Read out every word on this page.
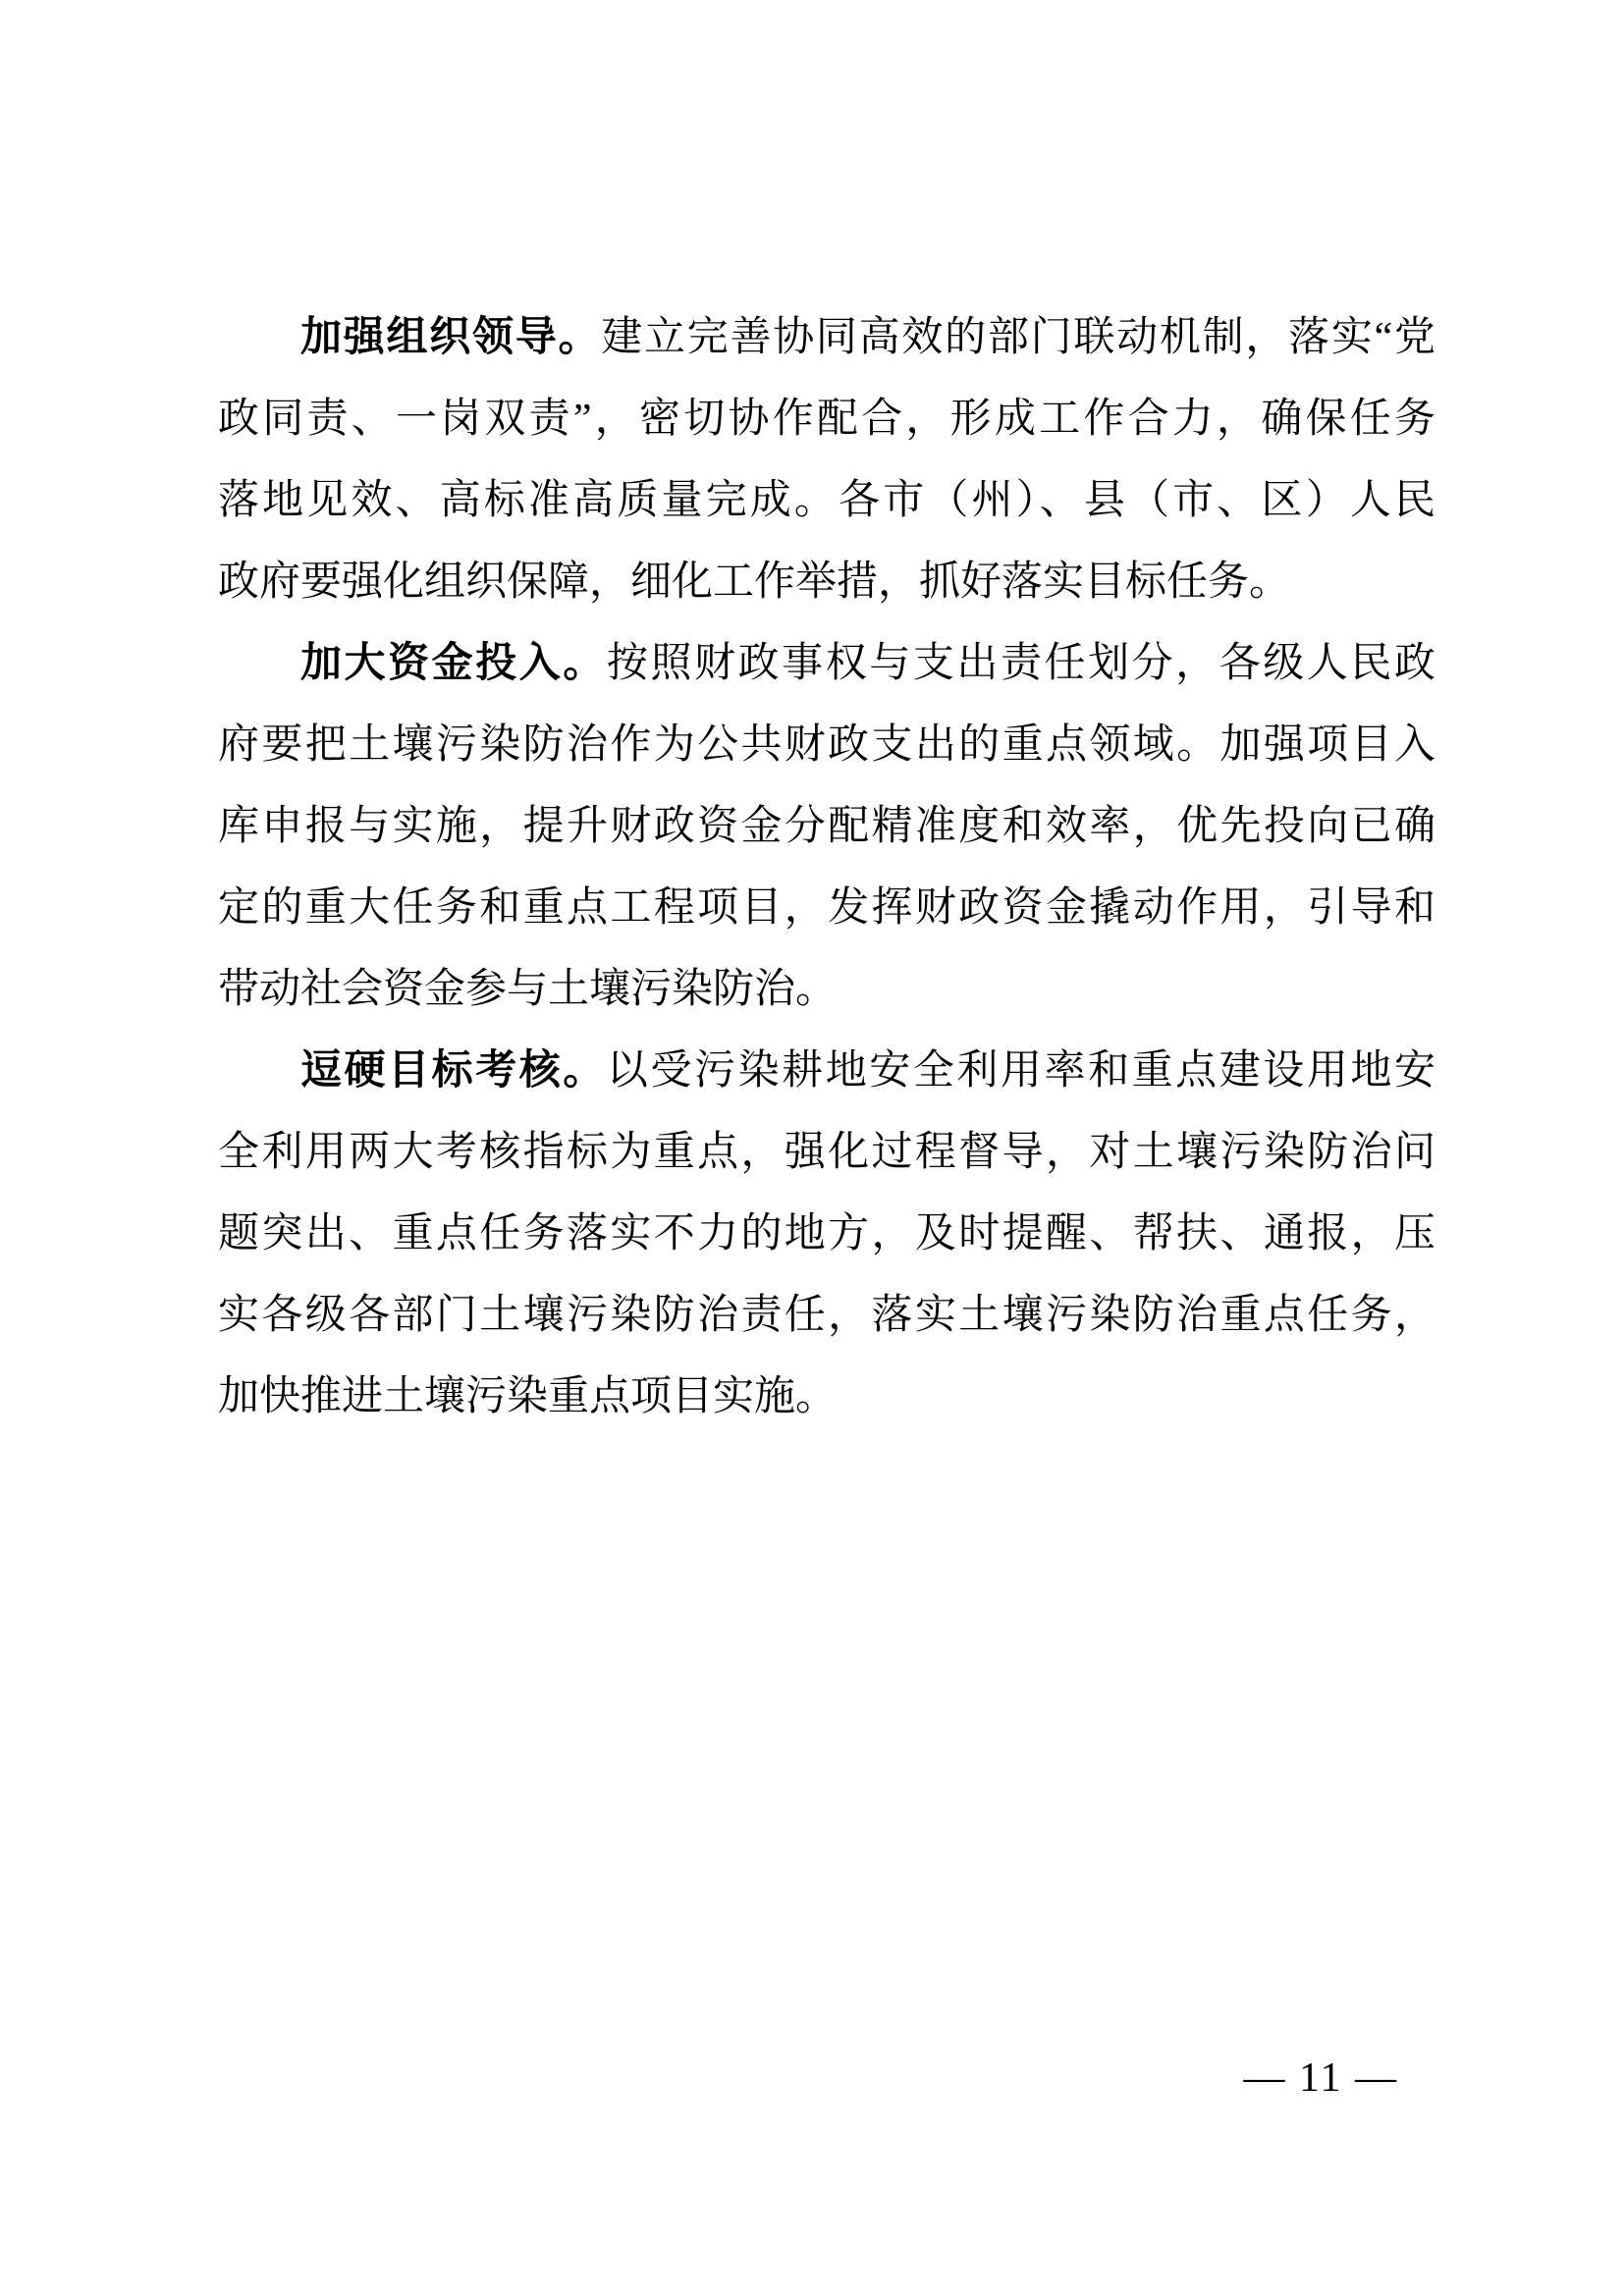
加强组织领导。建立完善协同高效的部门联动机制，落实“党
政同责、一岗双责”，密切协作配合，形成工作合力，确保任务
落地见效、高标准高质量完成。各市（州）、县（市、区）人民
政府要强化组织保障，细化工作举措，抓好落实目标任务。
加大资金投入。按照财政事权与支出责任划分，各级人民政
府要把土壤污染防治作为公共财政支出的重点领域。加强项目入
库申报与实施，提升财政资金分配精准度和效率，优先投向已确
定的重大任务和重点工程项目，发挥财政资金撬动作用，引导和
带动社会资金参与土壤污染防治。
逗硬目标考核。以受污染耕地安全利用率和重点建设用地安
全利用两大考核指标为重点，强化过程督导，对土壤污染防治问
题突出、重点任务落实不力的地方，及时提醒、帮扶、通报，压
实各级各部门土壤污染防治责任，落实土壤污染防治重点任务，
加快推进土壤污染重点项目实施。
— 11 —
